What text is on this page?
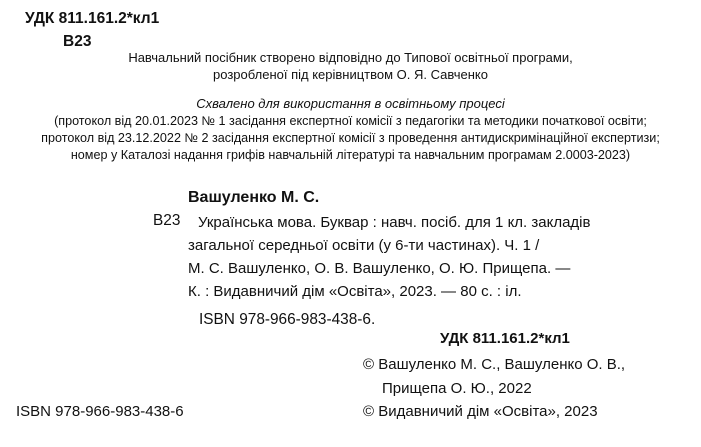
УДК 811.161.2*кл1
В23
Навчальний посібник створено відповідно до Типової освітньої програми,
розробленої під керівництвом О. Я. Савченко
Схвалено для використання в освітньому процесі
(протокол від 20.01.2023 № 1 засідання експертної комісії з педагогіки та методики початкової освіти;
протокол від 23.12.2022 № 2 засідання експертної комісії з проведення антидискримінаційної експертизи;
номер у Каталозі надання грифів навчальній літературі та навчальним програмам 2.0003-2023)
Вашуленко М. С.
В23 Українська мова. Буквар : навч. посіб. для 1 кл. закладів
загальної середньої освіти (у 6-ти частинах). Ч. 1 /
М. С. Вашуленко, О. В. Вашуленко, О. Ю. Прищепа. —
К. : Видавничий дім «Освіта», 2023. — 80 с. : іл.
ISBN 978-966-983-438-6.
УДК 811.161.2*кл1
© Вашуленко М. С., Вашуленко О. В.,
Прищепа О. Ю., 2022
© Видавничий дім «Освіта», 2023
ISBN 978-966-983-438-6
